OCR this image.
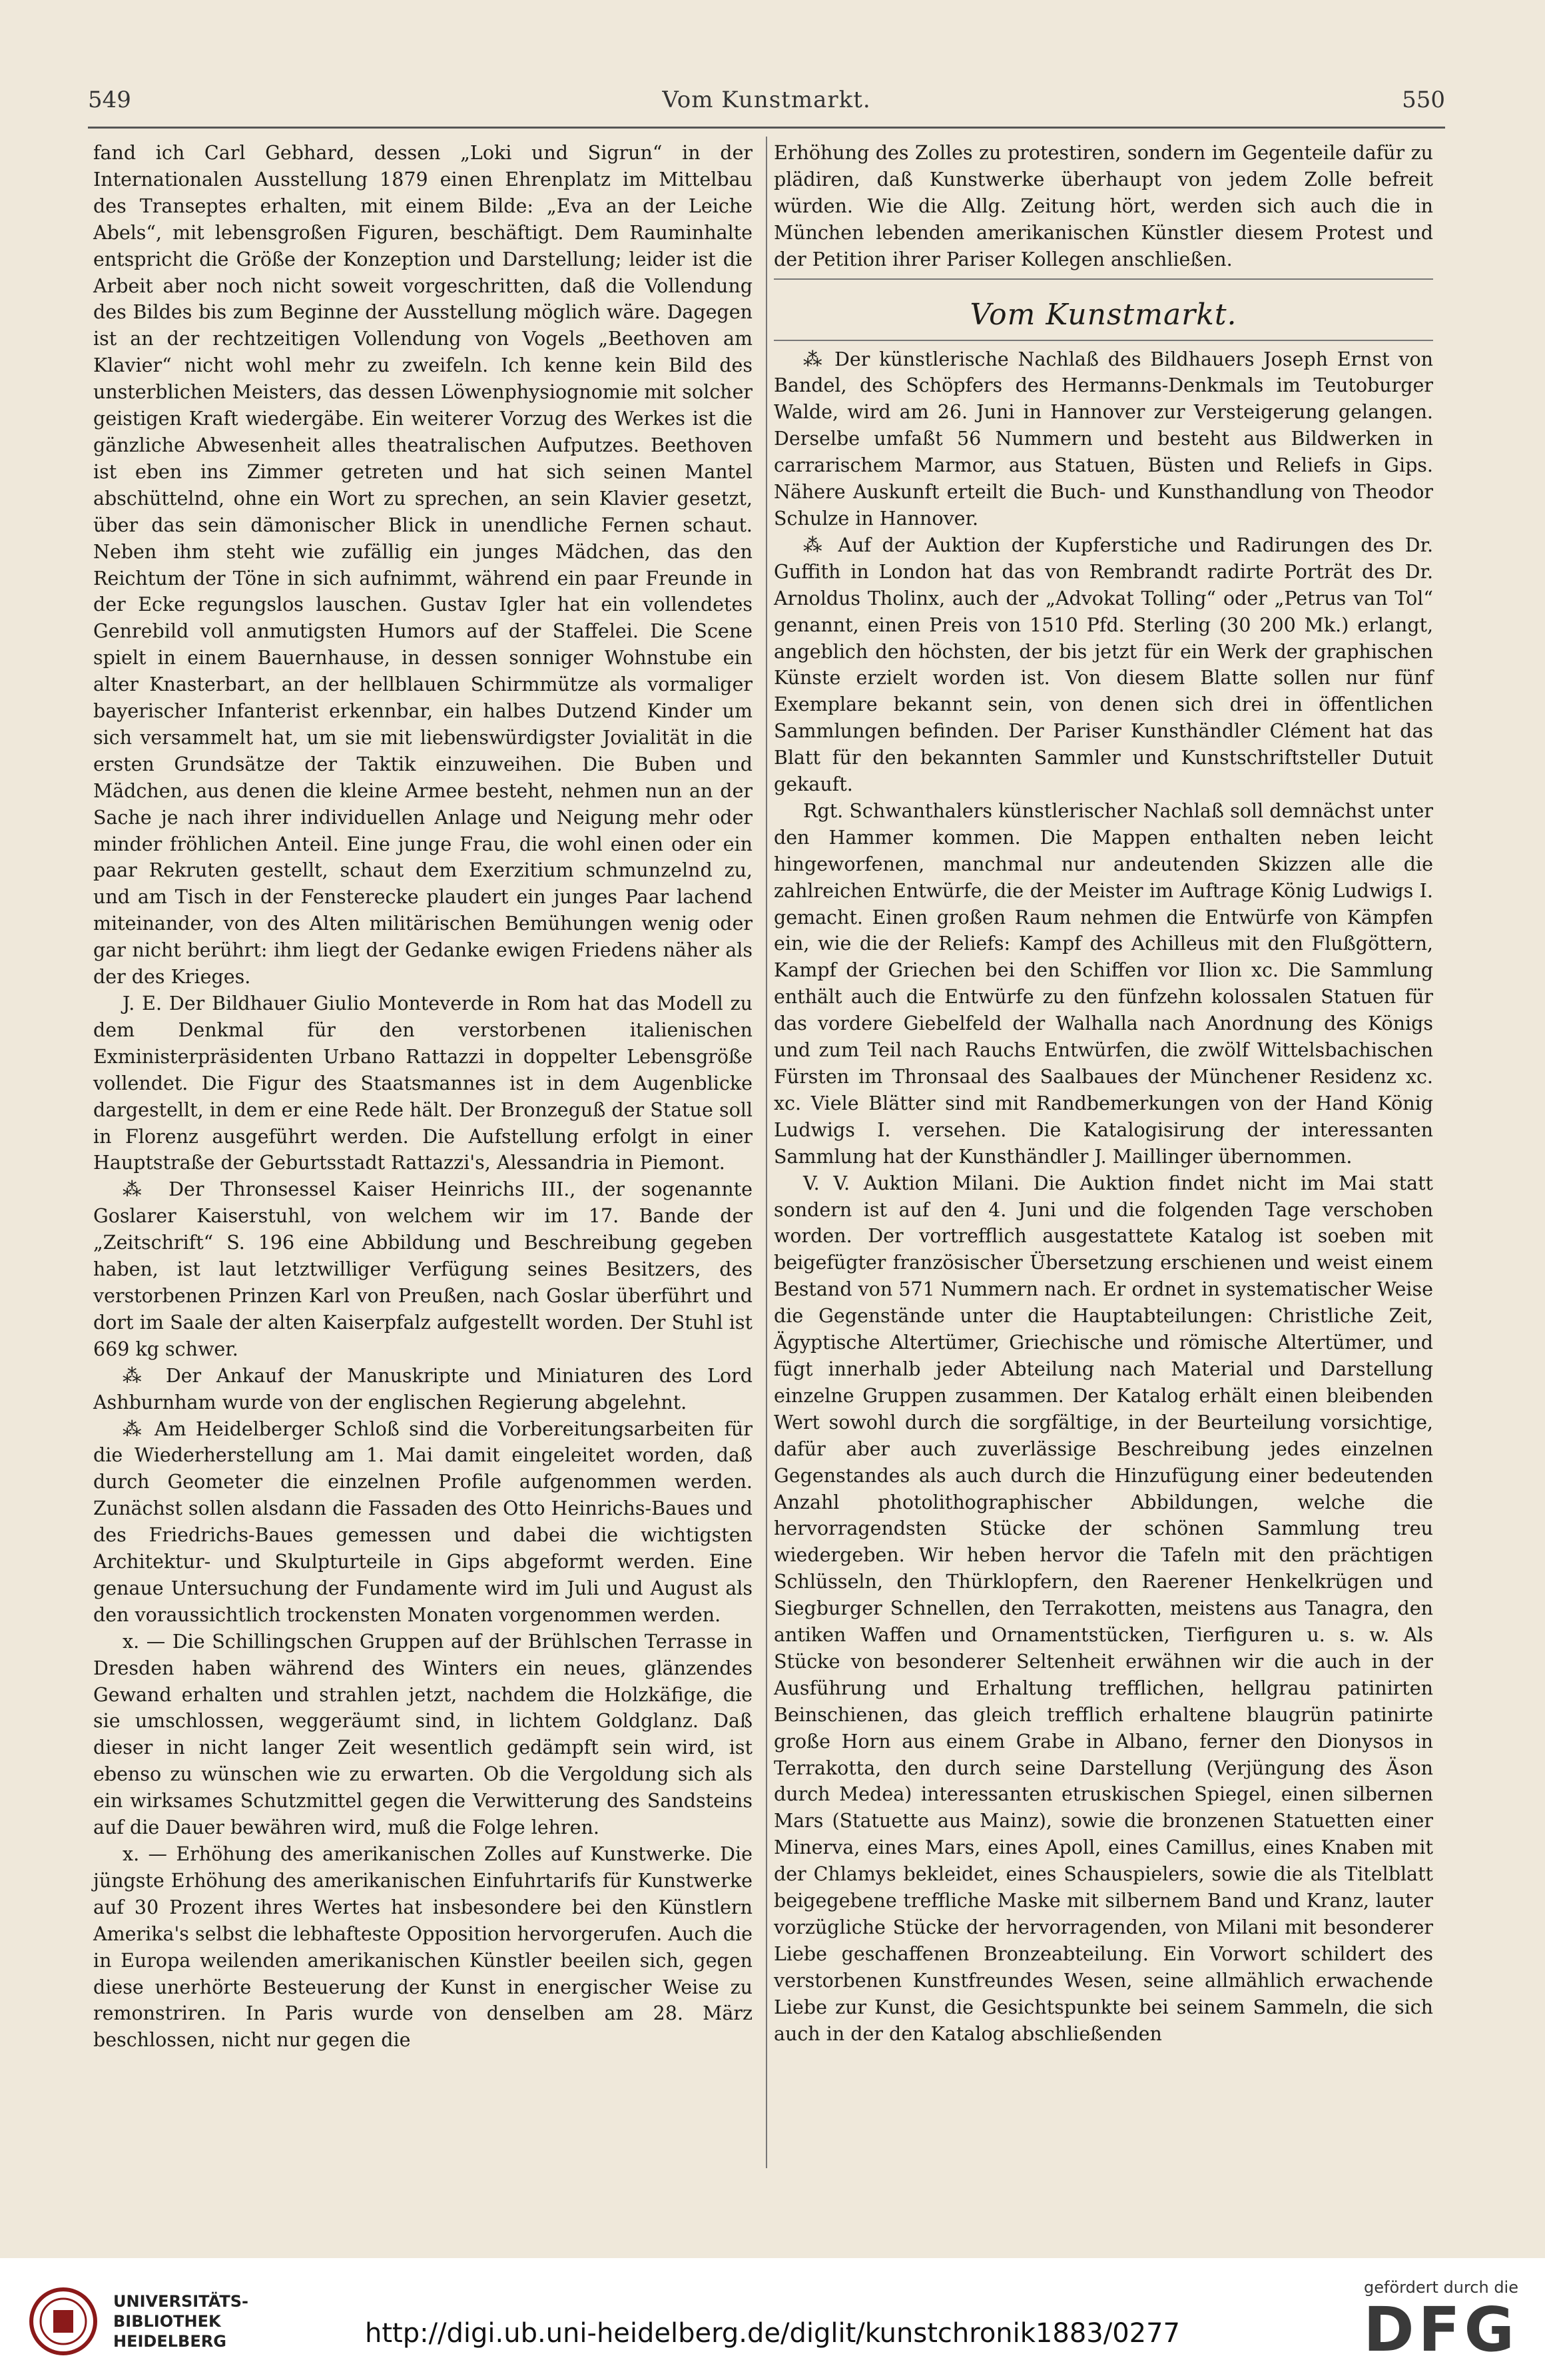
549	Vom Kunstmarkt.	550

fand ich Carl Gebhard, dessen „Loki und Sigrun“ in der Internationalen Ausstellung 1879 einen Ehrenplatz im Mittelbau des Transeptes erhalten, mit einem Bilde: „Eva an der Leiche Abels“, mit lebensgroßen Figuren, beschäftigt. Dem Rauminhalte entspricht die Größe der Konzeption und Darstellung; leider ist die Arbeit aber noch nicht soweit vorgeschritten, daß die Vollendung des Bildes bis zum Beginne der Ausstellung möglich wäre. Dagegen ist an der rechtzeitigen Vollendung von Vogels „Beethoven am Klavier“ nicht wohl mehr zu zweifeln. Ich kenne kein Bild des unsterblichen Meisters, das dessen Löwenphysiognomie mit solcher geistigen Kraft wiedergäbe. Ein weiterer Vorzug des Werkes ist die gänzliche Abwesenheit alles theatralischen Aufputzes. Beethoven ist eben ins Zimmer getreten und hat sich seinen Mantel abschüttelnd, ohne ein Wort zu sprechen, an sein Klavier gesetzt, über das sein dämonischer Blick in unendliche Fernen schaut. Neben ihm steht wie zufällig ein junges Mädchen, das den Reichtum der Töne in sich aufnimmt, während ein paar Freunde in der Ecke regungslos lauschen. Gustav Igler hat ein vollendetes Genrebild voll anmutigsten Humors auf der Staffelei. Die Scene spielt in einem Bauernhause, in dessen sonniger Wohnstube ein alter Knasterbart, an der hellblauen Schirmmütze als vormaliger bayerischer Infanterist erkennbar, ein halbes Dutzend Kinder um sich versammelt hat, um sie mit liebenswürdigster Jovialität in die ersten Grundsätze der Taktik einzuweihen. Die Buben und Mädchen, aus denen die kleine Armee besteht, nehmen nun an der Sache je nach ihrer individuellen Anlage und Neigung mehr oder minder fröhlichen Anteil. Eine junge Frau, die wohl einen oder ein paar Rekruten gestellt, schaut dem Exerzitium schmunzelnd zu, und am Tisch in der Fensterecke plaudert ein junges Paar lachend miteinander, von des Alten militärischen Bemühungen wenig oder gar nicht berührt: ihm liegt der Gedanke ewigen Friedens näher als der des Krieges.

J. E. Der Bildhauer Giulio Monteverde in Rom hat das Modell zu dem Denkmal für den verstorbenen italienischen Exministerpräsidenten Urbano Rattazzi in doppelter Lebensgröße vollendet. Die Figur des Staatsmannes ist in dem Augenblicke dargestellt, in dem er eine Rede hält. Der Bronzeguß der Statue soll in Florenz ausgeführt werden. Die Aufstellung erfolgt in einer Hauptstraße der Geburtsstadt Rattazzi's, Alessandria in Piemont.

⁂ Der Thronsessel Kaiser Heinrichs III., der sogenannte Goslarer Kaiserstuhl, von welchem wir im 17. Bande der „Zeitschrift“ S. 196 eine Abbildung und Beschreibung gegeben haben, ist laut letztwilliger Verfügung seines Besitzers, des verstorbenen Prinzen Karl von Preußen, nach Goslar überführt und dort im Saale der alten Kaiserpfalz aufgestellt worden. Der Stuhl ist 669 kg schwer.

⁂ Der Ankauf der Manuskripte und Miniaturen des Lord Ashburnham wurde von der englischen Regierung abgelehnt.

⁂ Am Heidelberger Schloß sind die Vorbereitungsarbeiten für die Wiederherstellung am 1. Mai damit eingeleitet worden, daß durch Geometer die einzelnen Profile aufgenommen werden. Zunächst sollen alsdann die Fassaden des Otto Heinrichs-Baues und des Friedrichs-Baues gemessen und dabei die wichtigsten Architektur- und Skulpturteile in Gips abgeformt werden. Eine genaue Untersuchung der Fundamente wird im Juli und August als den voraussichtlich trockensten Monaten vorgenommen werden.

x. — Die Schillingschen Gruppen auf der Brühlschen Terrasse in Dresden haben während des Winters ein neues, glänzendes Gewand erhalten und strahlen jetzt, nachdem die Holzkäfige, die sie umschlossen, weggeräumt sind, in lichtem Goldglanz. Daß dieser in nicht langer Zeit wesentlich gedämpft sein wird, ist ebenso zu wünschen wie zu erwarten. Ob die Vergoldung sich als ein wirksames Schutzmittel gegen die Verwitterung des Sandsteins auf die Dauer bewähren wird, muß die Folge lehren.

x. — Erhöhung des amerikanischen Zolles auf Kunstwerke. Die jüngste Erhöhung des amerikanischen Einfuhrtarifs für Kunstwerke auf 30 Prozent ihres Wertes hat insbesondere bei den Künstlern Amerika's selbst die lebhafteste Opposition hervorgerufen. Auch die in Europa weilenden amerikanischen Künstler beeilen sich, gegen diese unerhörte Besteuerung der Kunst in energischer Weise zu remonstriren. In Paris wurde von denselben am 28. März beschlossen, nicht nur gegen die

Erhöhung des Zolles zu protestiren, sondern im Gegenteile dafür zu plädiren, daß Kunstwerke überhaupt von jedem Zolle befreit würden. Wie die Allg. Zeitung hört, werden sich auch die in München lebenden amerikanischen Künstler diesem Protest und der Petition ihrer Pariser Kollegen anschließen.

Vom Kunstmarkt.

⁂ Der künstlerische Nachlaß des Bildhauers Joseph Ernst von Bandel, des Schöpfers des Hermanns-Denkmals im Teutoburger Walde, wird am 26. Juni in Hannover zur Versteigerung gelangen. Derselbe umfaßt 56 Nummern und besteht aus Bildwerken in carrarischem Marmor, aus Statuen, Büsten und Reliefs in Gips. Nähere Auskunft erteilt die Buch- und Kunsthandlung von Theodor Schulze in Hannover.

⁂ Auf der Auktion der Kupferstiche und Radirungen des Dr. Guffith in London hat das von Rembrandt radirte Porträt des Dr. Arnoldus Tholinx, auch der „Advokat Tolling“ oder „Petrus van Tol“ genannt, einen Preis von 1510 Pfd. Sterling (30 200 Mk.) erlangt, angeblich den höchsten, der bis jetzt für ein Werk der graphischen Künste erzielt worden ist. Von diesem Blatte sollen nur fünf Exemplare bekannt sein, von denen sich drei in öffentlichen Sammlungen befinden. Der Pariser Kunsthändler Clément hat das Blatt für den bekannten Sammler und Kunstschriftsteller Dutuit gekauft.

Rgt. Schwanthalers künstlerischer Nachlaß soll demnächst unter den Hammer kommen. Die Mappen enthalten neben leicht hingeworfenen, manchmal nur andeutenden Skizzen alle die zahlreichen Entwürfe, die der Meister im Auftrage König Ludwigs I. gemacht. Einen großen Raum nehmen die Entwürfe von Kämpfen ein, wie die der Reliefs: Kampf des Achilleus mit den Flußgöttern, Kampf der Griechen bei den Schiffen vor Ilion xc. Die Sammlung enthält auch die Entwürfe zu den fünfzehn kolossalen Statuen für das vordere Giebelfeld der Walhalla nach Anordnung des Königs und zum Teil nach Rauchs Entwürfen, die zwölf Wittelsbachischen Fürsten im Thronsaal des Saalbaues der Münchener Residenz xc. xc. Viele Blätter sind mit Randbemerkungen von der Hand König Ludwigs I. versehen. Die Katalogisirung der interessanten Sammlung hat der Kunsthändler J. Maillinger übernommen.

V. V. Auktion Milani. Die Auktion findet nicht im Mai statt sondern ist auf den 4. Juni und die folgenden Tage verschoben worden. Der vortrefflich ausgestattete Katalog ist soeben mit beigefügter französischer Übersetzung erschienen und weist einem Bestand von 571 Nummern nach. Er ordnet in systematischer Weise die Gegenstände unter die Hauptabteilungen: Christliche Zeit, Ägyptische Altertümer, Griechische und römische Altertümer, und fügt innerhalb jeder Abteilung nach Material und Darstellung einzelne Gruppen zusammen. Der Katalog erhält einen bleibenden Wert sowohl durch die sorgfältige, in der Beurteilung vorsichtige, dafür aber auch zuverlässige Beschreibung jedes einzelnen Gegenstandes als auch durch die Hinzufügung einer bedeutenden Anzahl photolithographischer Abbildungen, welche die hervorragendsten Stücke der schönen Sammlung treu wiedergeben. Wir heben hervor die Tafeln mit den prächtigen Schlüsseln, den Thürklopfern, den Raerener Henkelkrügen und Siegburger Schnellen, den Terrakotten, meistens aus Tanagra, den antiken Waffen und Ornamentstücken, Tierfiguren u. s. w. Als Stücke von besonderer Seltenheit erwähnen wir die auch in der Ausführung und Erhaltung trefflichen, hellgrau patinirten Beinschienen, das gleich trefflich erhaltene blaugrün patinirte große Horn aus einem Grabe in Albano, ferner den Dionysos in Terrakotta, den durch seine Darstellung (Verjüngung des Äson durch Medea) interessanten etruskischen Spiegel, einen silbernen Mars (Statuette aus Mainz), sowie die bronzenen Statuetten einer Minerva, eines Mars, eines Apoll, eines Camillus, eines Knaben mit der Chlamys bekleidet, eines Schauspielers, sowie die als Titelblatt beigegebene treffliche Maske mit silbernem Band und Kranz, lauter vorzügliche Stücke der hervorragenden, von Milani mit besonderer Liebe geschaffenen Bronzeabteilung. Ein Vorwort schildert des verstorbenen Kunstfreundes Wesen, seine allmählich erwachende Liebe zur Kunst, die Gesichtspunkte bei seinem Sammeln, die sich auch in der den Katalog abschließenden

UNIVERSITÄTS-
BIBLIOTHEK
HEIDELBERG	http://digi.ub.uni-heidelberg.de/diglit/kunstchronik1883/0277
gefördert durch die
DFG
